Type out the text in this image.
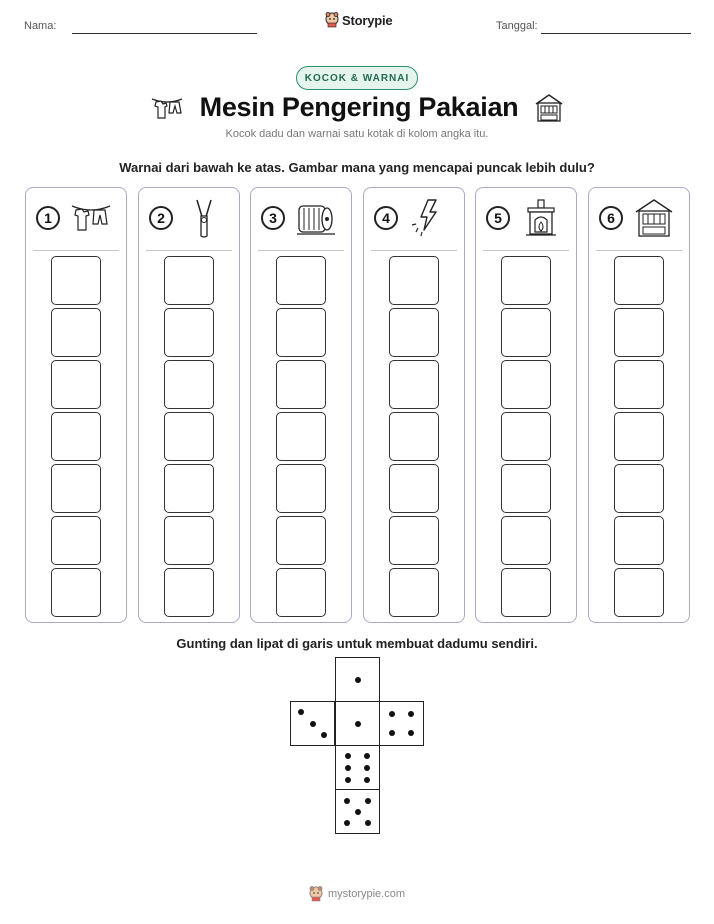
Nama:	Storypie	Tanggal:
KOCOK & WARNAI
Mesin Pengering Pakaian
Kocok dadu dan warnai satu kotak di kolom angka itu.
Warnai dari bawah ke atas. Gambar mana yang mencapai puncak lebih dulu?
1	2	3	4	5	6
Gunting dan lipat di garis untuk membuat dadumu sendiri.
mystorypie.com
